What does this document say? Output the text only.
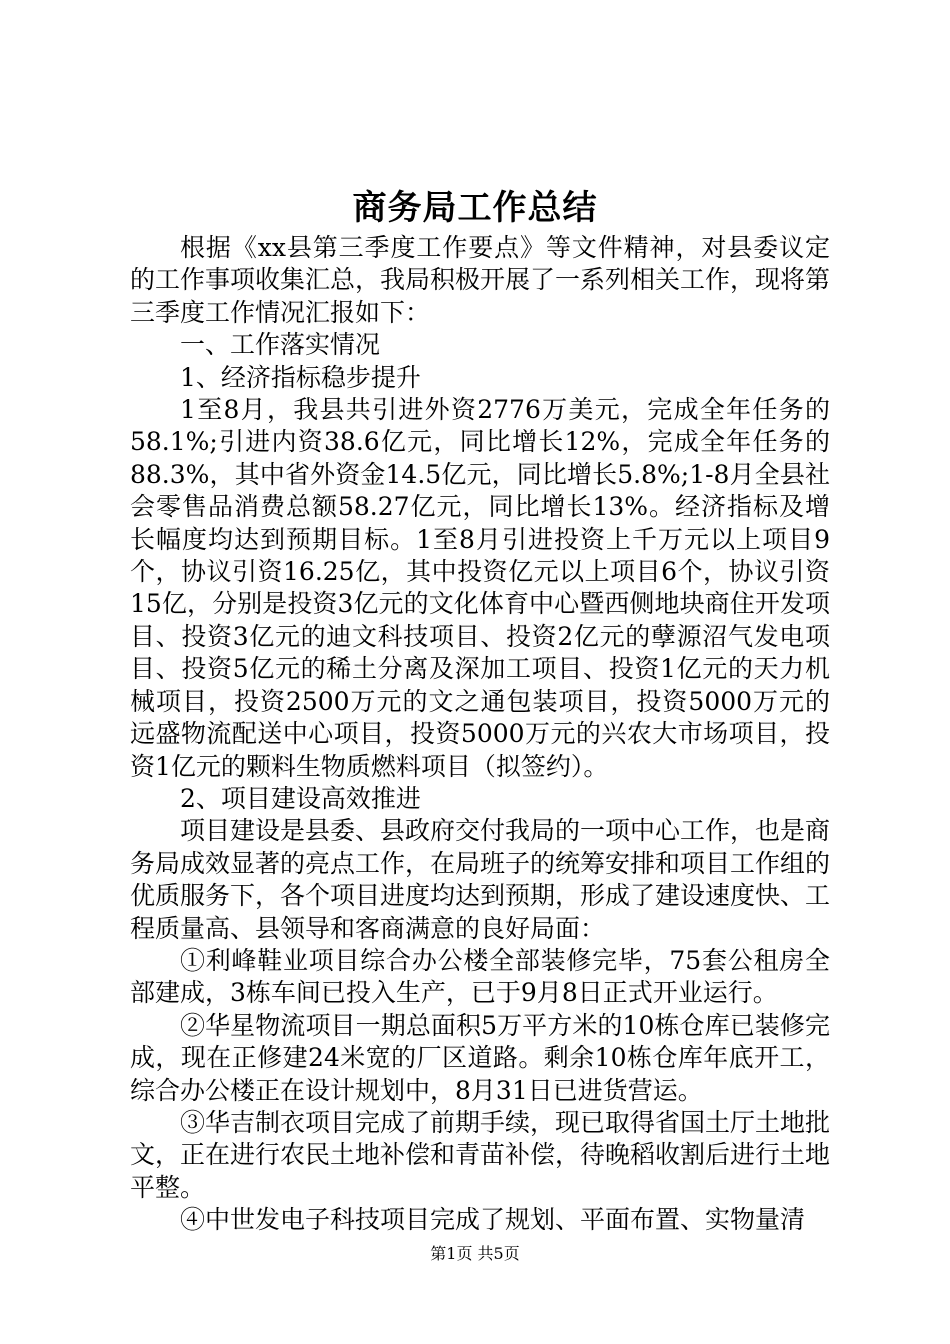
商务局工作总结

根据《xx县第三季度工作要点》等文件精神，对县委议定的工作事项收集汇总，我局积极开展了一系列相关工作，现将第三季度工作情况汇报如下：

一、工作落实情况

1、经济指标稳步提升

1至8月，我县共引进外资2776万美元，完成全年任务的58.1%;引进内资38.6亿元，同比增长12%，完成全年任务的88.3%，其中省外资金14.5亿元，同比增长5.8%;1-8月全县社会零售品消费总额58.27亿元，同比增长13%。经济指标及增长幅度均达到预期目标。1至8月引进投资上千万元以上项目9个，协议引资16.25亿，其中投资亿元以上项目6个，协议引资15亿，分别是投资3亿元的文化体育中心暨西侧地块商住开发项目、投资3亿元的迪文科技项目、投资2亿元的孽源沼气发电项目、投资5亿元的稀土分离及深加工项目、投资1亿元的天力机械项目，投资2500万元的文之通包装项目，投资5000万元的远盛物流配送中心项目，投资5000万元的兴农大市场项目，投资1亿元的颗料生物质燃料项目（拟签约）。

2、项目建设高效推进

项目建设是县委、县政府交付我局的一项中心工作，也是商务局成效显著的亮点工作，在局班子的统筹安排和项目工作组的优质服务下，各个项目进度均达到预期，形成了建设速度快、工程质量高、县领导和客商满意的良好局面：

①利峰鞋业项目综合办公楼全部装修完毕，75套公租房全部建成，3栋车间已投入生产，已于9月8日正式开业运行。

②华星物流项目一期总面积5万平方米的10栋仓库已装修完成，现在正修建24米宽的厂区道路。剩余10栋仓库年底开工，综合办公楼正在设计规划中，8月31日已进货营运。

③华吉制衣项目完成了前期手续，现已取得省国土厅土地批文，正在进行农民土地补偿和青苗补偿，待晚稻收割后进行土地平整。

④中世发电子科技项目完成了规划、平面布置、实物量清

第1页 共5页
